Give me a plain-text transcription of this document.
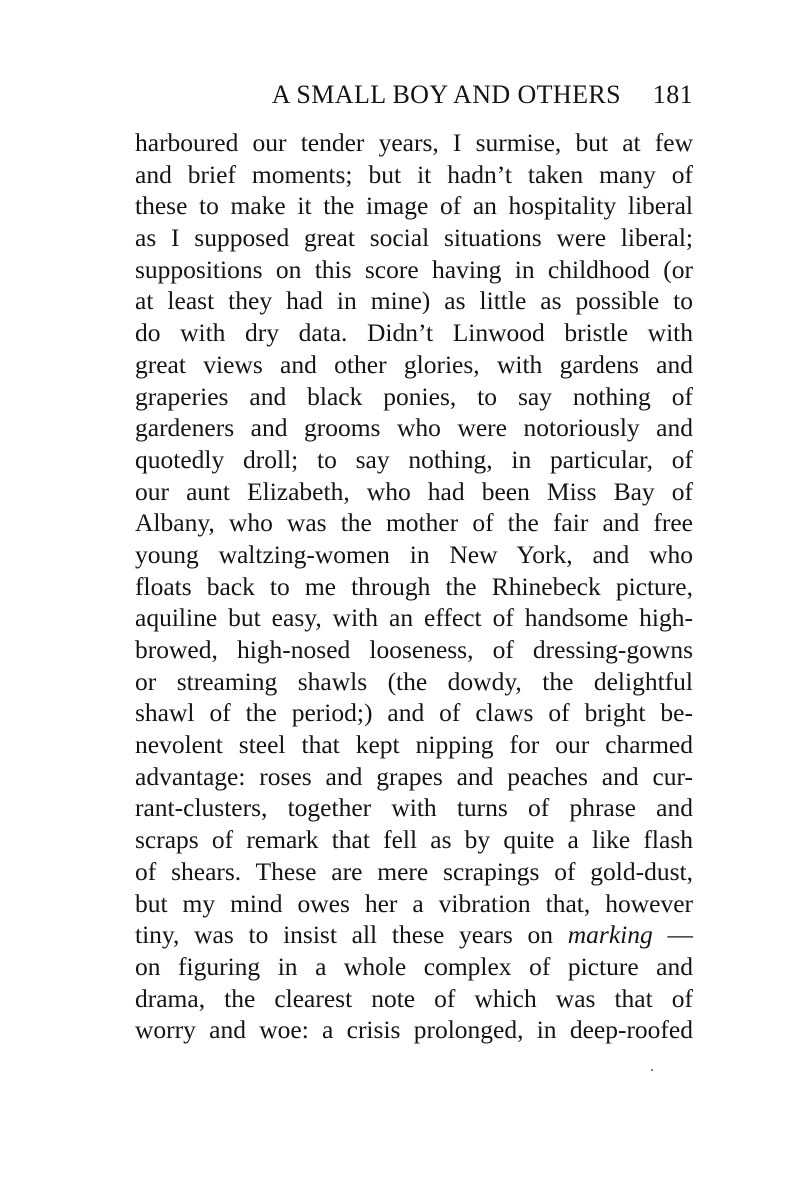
A SMALL BOY AND OTHERS 181
harboured our tender years, I surmise, but at few
and brief moments; but it hadn’t taken many of
these to make it the image of an hospitality liberal
as I supposed great social situations were liberal;
suppositions on this score having in childhood (or
at least they had in mine) as little as possible to
do with dry data. Didn’t Linwood bristle with
great views and other glories, with gardens and
graperies and black ponies, to say nothing of
gardeners and grooms who were notoriously and
quotedly droll; to say nothing, in particular, of
our aunt Elizabeth, who had been Miss Bay of
Albany, who was the mother of the fair and free
young waltzing-women in New York, and who
floats back to me through the Rhinebeck picture,
aquiline but easy, with an effect of handsome high-
browed, high-nosed looseness, of dressing-gowns
or streaming shawls (the dowdy, the delightful
shawl of the period;) and of claws of bright be-
nevolent steel that kept nipping for our charmed
advantage: roses and grapes and peaches and cur-
rant-clusters, together with turns of phrase and
scraps of remark that fell as by quite a like flash
of shears. These are mere scrapings of gold-dust,
but my mind owes her a vibration that, however
tiny, was to insist all these years on marking —
on figuring in a whole complex of picture and
drama, the clearest note of which was that of
worry and woe: a crisis prolonged, in deep-roofed
